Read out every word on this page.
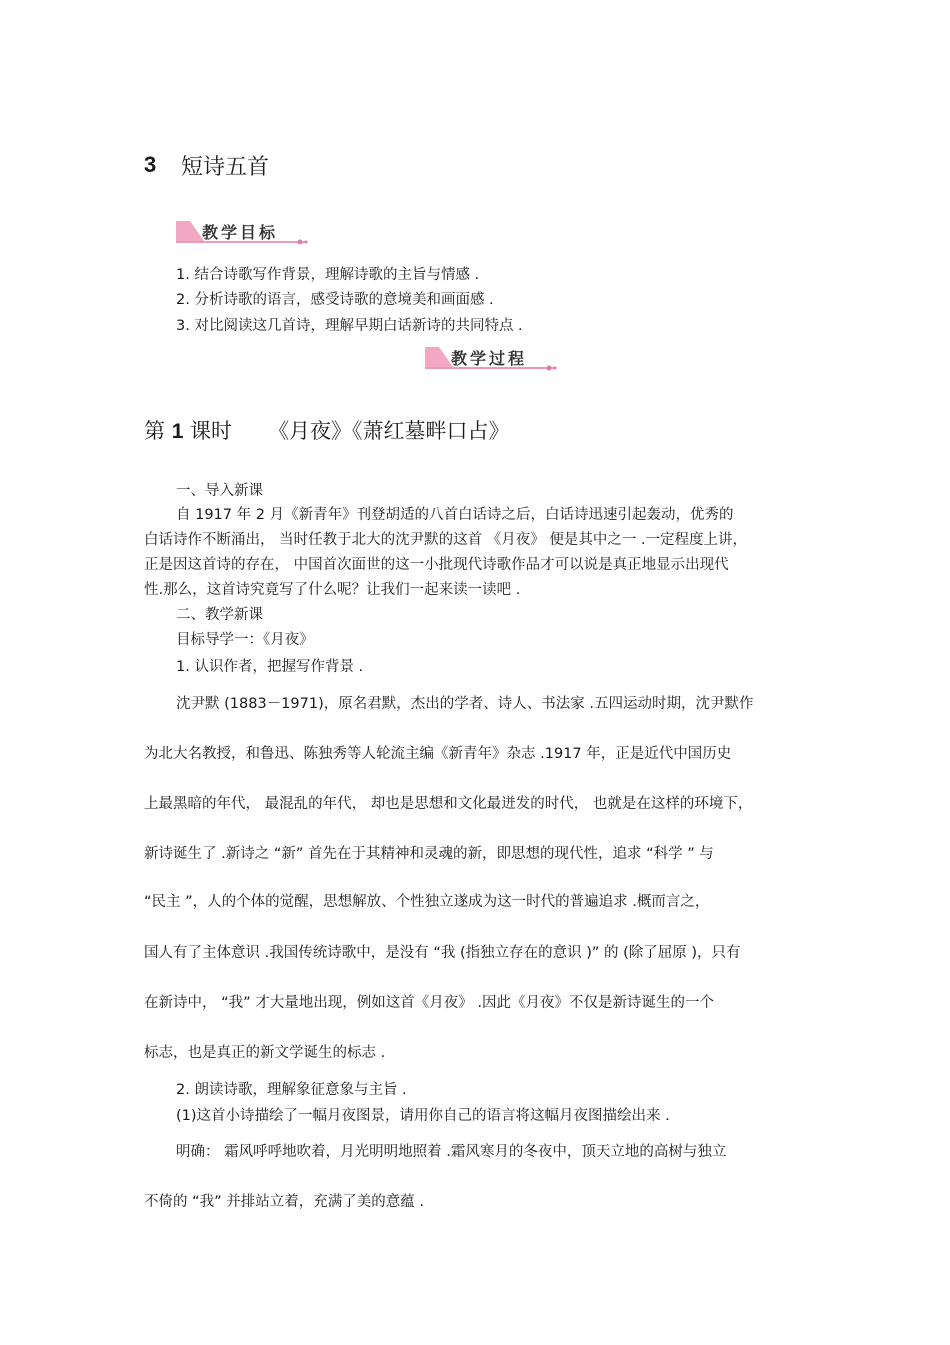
3 短诗五首
教学目标
1. 结合诗歌写作背景，理解诗歌的主旨与情感 .
2. 分析诗歌的语言，感受诗歌的意境美和画面感 .
3. 对比阅读这几首诗，理解早期白话新诗的共同特点 .
教学过程
第 1 课时 《月夜》《萧红墓畔口占》
一、导入新课
自 1917 年 2 月《新青年》刊登胡适的八首白话诗之后，白话诗迅速引起轰动，优秀的
白话诗作不断涌出， 当时任教于北大的沈尹默的这首 《月夜》 便是其中之一 .一定程度上讲，
正是因这首诗的存在， 中国首次面世的这一小批现代诗歌作品才可以说是真正地显示出现代
性.那么，这首诗究竟写了什么呢？让我们一起来读一读吧 .
二、教学新课
目标导学一：《月夜》
1. 认识作者，把握写作背景 .
沈尹默 (1883－1971)，原名君默，杰出的学者、诗人、书法家 .五四运动时期，沈尹默作
为北大名教授，和鲁迅、陈独秀等人轮流主编《新青年》杂志 .1917 年，正是近代中国历史
上最黑暗的年代， 最混乱的年代， 却也是思想和文化最迸发的时代， 也就是在这样的环境下，
新诗诞生了 .新诗之 “新” 首先在于其精神和灵魂的新，即思想的现代性，追求 “科学 ” 与
“民主 ”，人的个体的觉醒，思想解放、个性独立遂成为这一时代的普遍追求 .概而言之，
国人有了主体意识 .我国传统诗歌中，是没有 “我 (指独立存在的意识 )” 的 (除了屈原 )，只有
在新诗中， “我” 才大量地出现，例如这首《月夜》 .因此《月夜》不仅是新诗诞生的一个
标志，也是真正的新文学诞生的标志 .
2. 朗读诗歌，理解象征意象与主旨 .
(1)这首小诗描绘了一幅月夜图景，请用你自己的语言将这幅月夜图描绘出来 .
明确： 霜风呼呼地吹着，月光明明地照着 .霜风寒月的冬夜中，顶天立地的高树与独立
不倚的 “我” 并排站立着，充满了美的意蕴 .
